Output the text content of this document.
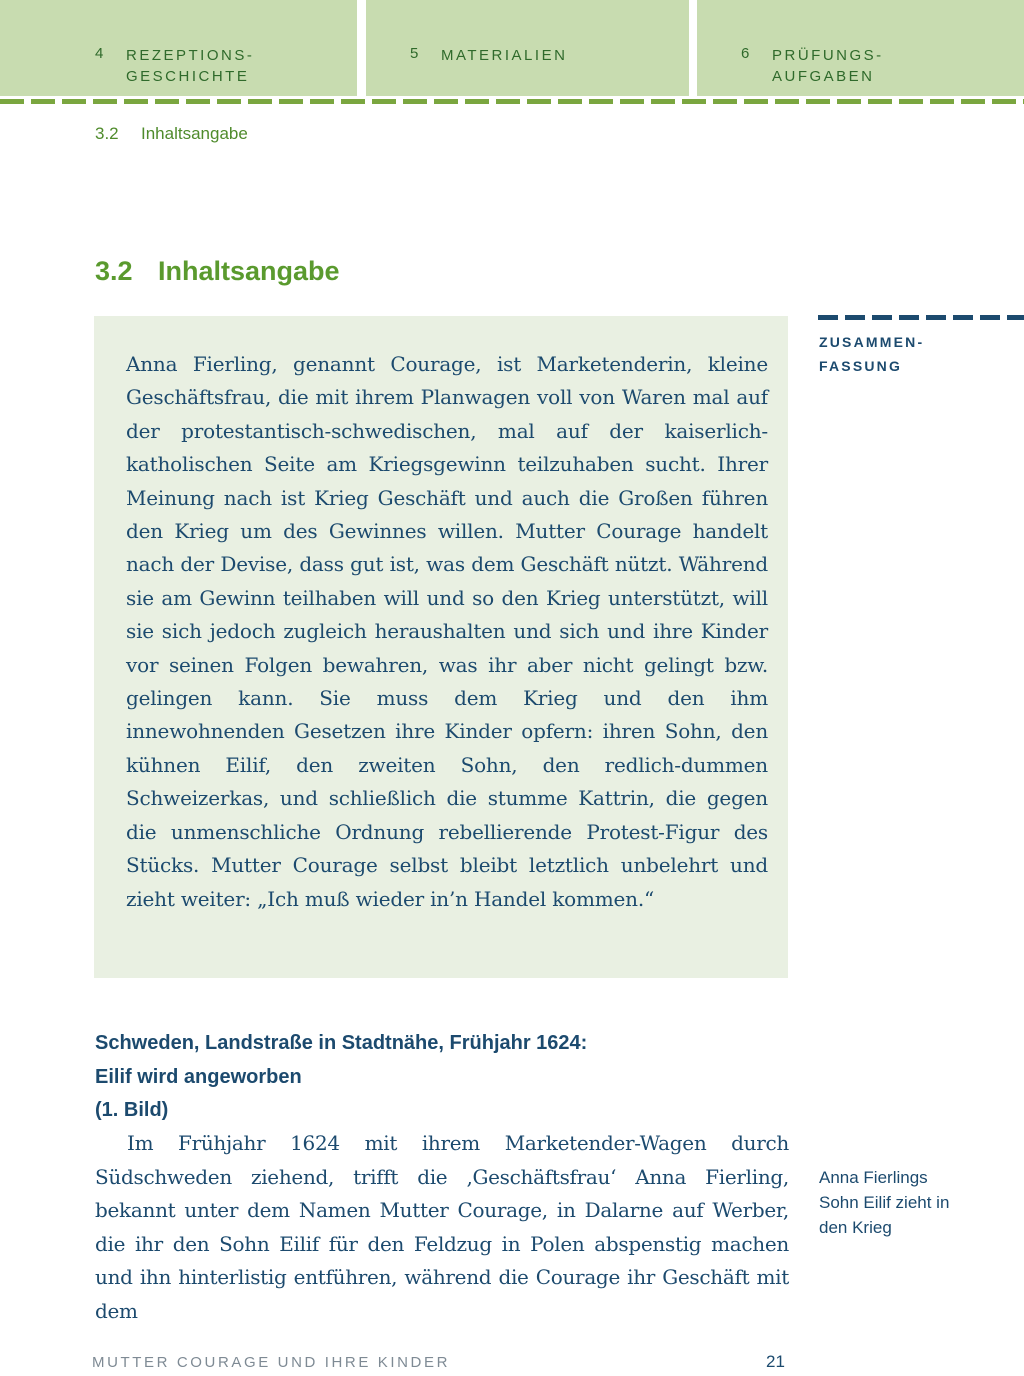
4 REZEPTIONS-
GESCHICHTE
5 MATERIALIEN	6 PRÜFUNGS-
AUFGABEN
3.2 Inhaltsangabe
3.2 Inhaltsangabe
Anna Fierling, genannt Courage, ist Marketenderin, kleine Geschäftsfrau, die mit ihrem Planwagen voll von Waren mal auf der protestantisch-schwedischen, mal auf der kaiserlich-katholischen Seite am Kriegsgewinn teilzuhaben sucht. Ihrer Meinung nach ist Krieg Geschäft und auch die Großen führen den Krieg um des Gewinnes willen. Mutter Courage handelt nach der Devise, dass gut ist, was dem Geschäft nützt. Während sie am Gewinn teilhaben will und so den Krieg unterstützt, will sie sich jedoch zugleich heraushalten und sich und ihre Kinder vor seinen Folgen bewahren, was ihr aber nicht gelingt bzw. gelingen kann. Sie muss dem Krieg und den ihm innewohnenden Gesetzen ihre Kinder opfern: ihren Sohn, den kühnen Eilif, den zweiten Sohn, den redlich-dummen Schweizerkas, und schließlich die stumme Kattrin, die gegen die unmenschliche Ordnung rebellierende Protest-Figur des Stücks. Mutter Courage selbst bleibt letztlich unbelehrt und zieht weiter: „Ich muß wieder in’n Handel kommen.“
ZUSAMMEN-
FASSUNG
Schweden, Landstraße in Stadtnähe, Frühjahr 1624:
Eilif wird angeworben
(1. Bild)
Im Frühjahr 1624 mit ihrem Marketender-Wagen durch Südschweden ziehend, trifft die ‚Geschäftsfrau‘ Anna Fierling, bekannt unter dem Namen Mutter Courage, in Dalarne auf Werber, die ihr den Sohn Eilif für den Feldzug in Polen abspenstig machen und ihn hinterlistig entführen, während die Courage ihr Geschäft mit dem
Anna Fierlings Sohn Eilif zieht in den Krieg
MUTTER COURAGE UND IHRE KINDER	21
